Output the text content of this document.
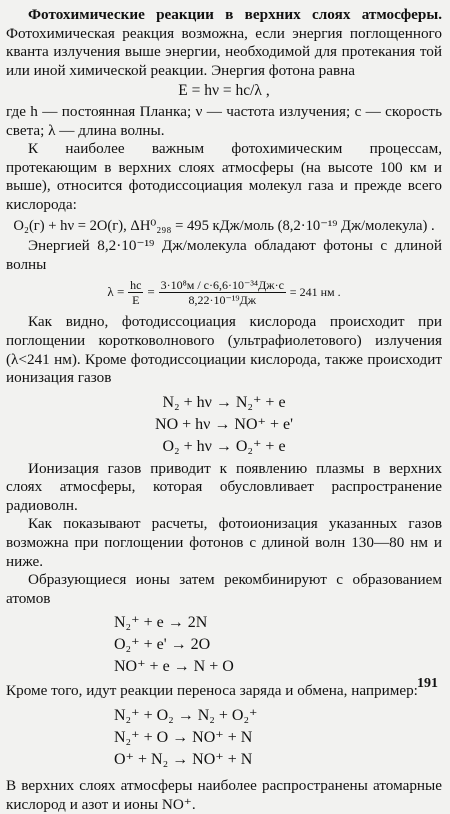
Фотохимические реакции в верхних слоях атмосферы. Фотохимическая реакция возможна, если энергия поглощенного кванта излучения выше энергии, необходимой для протекания той или иной химической реакции. Энергия фотона равна

E = hν = hc/λ ,

где h — постоянная Планка; ν — частота излучения; c — скорость света; λ — длина волны.

К наиболее важным фотохимическим процессам, протекающим в верхних слоях атмосферы (на высоте 100 км и выше), относится фотодиссоциация молекул газа и прежде всего кислорода:

O₂(г) + hν = 2O(г), ΔH⁰₂₉₈ = 495 кДж/моль (8,2·10⁻¹⁹ Дж/молекула) .

Энергией 8,2·10⁻¹⁹ Дж/молекула обладают фотоны с длиной волны

$\lambda = \frac{hc}{E} = \frac{\text{3·10⁸м / с·6,6·10⁻³⁴Дж·с}}{\text{8,22·10⁻¹⁹Дж}} = 241$ нм .

Как видно, фотодиссоциация кислорода происходит при поглощении коротковолнового (ультрафиолетового) излучения (λ<241 нм). Кроме фотодиссоциации кислорода, также происходит ионизация газов

N₂ + hν → N₂⁺ + e
NO + hν → NO⁺ + e'
O₂ + hν → O₂⁺ + e

Ионизация газов приводит к появлению плазмы в верхних слоях атмосферы, которая обусловливает распространение радиоволн.

Как показывают расчеты, фотоионизация указанных газов возможна при поглощении фотонов с длиной волн 130—80 нм и ниже.

Образующиеся ионы затем рекомбинируют с образованием атомов

N₂⁺ + e → 2N
O₂⁺ + e' → 2O
NO⁺ + e → N + O

Кроме того, идут реакции переноса заряда и обмена, например:

N₂⁺ + O₂ → N₂ + O₂⁺
N₂⁺ + O → NO⁺ + N
O⁺ + N₂ → NO⁺ + N

В верхних слоях атмосферы наиболее распространены атомарные кислород и азот и ионы NO⁺.

191
